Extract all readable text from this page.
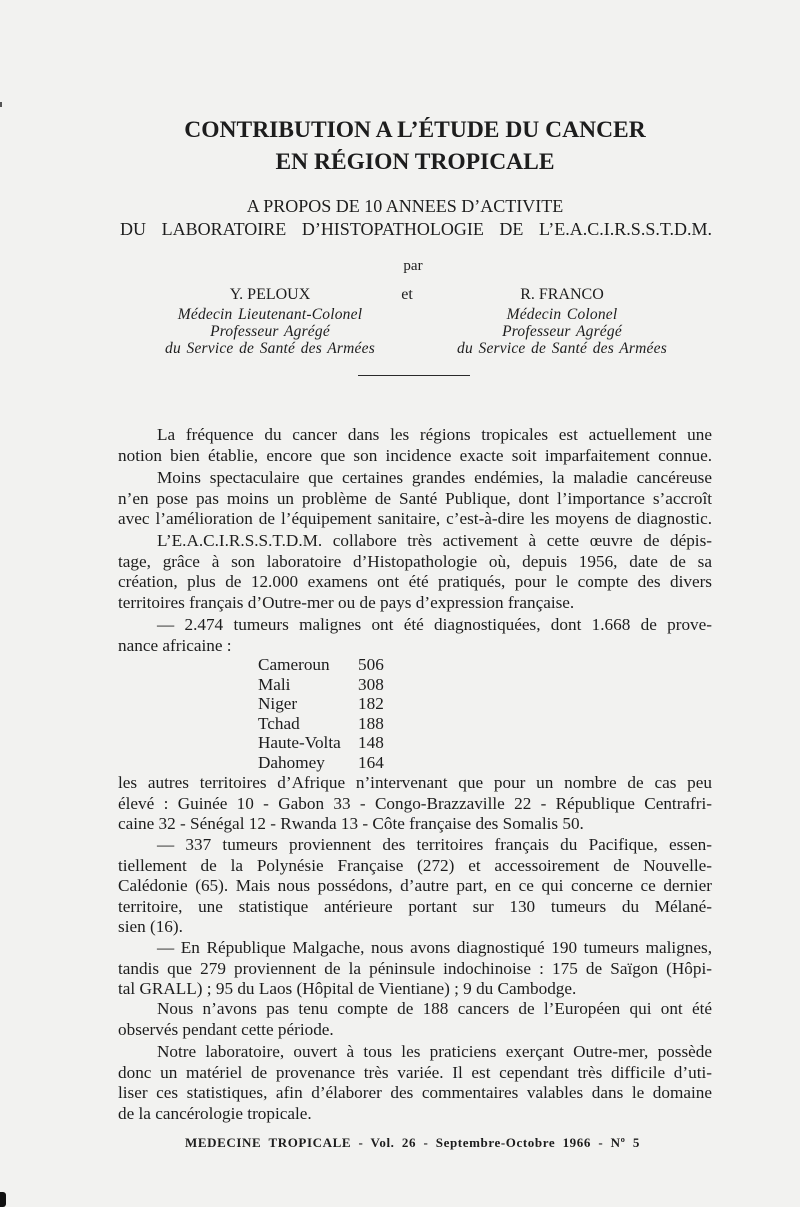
CONTRIBUTION A L’ÉTUDE DU CANCER
EN RÉGION TROPICALE
A PROPOS DE 10 ANNEES D’ACTIVITE
DU LABORATOIRE D’HISTOPATHOLOGIE DE L’E.A.C.I.R.S.S.T.D.M.
par
et
Y. PELOUX
Médecin Lieutenant-Colonel
Professeur Agrégé
du Service de Santé des Armées
R. FRANCO
Médecin Colonel
Professeur Agrégé
du Service de Santé des Armées
La fréquence du cancer dans les régions tropicales est actuellement une
notion bien établie, encore que son incidence exacte soit imparfaitement connue.
Moins spectaculaire que certaines grandes endémies, la maladie cancéreuse
n’en pose pas moins un problème de Santé Publique, dont l’importance s’accroît
avec l’amélioration de l’équipement sanitaire, c’est-à-dire les moyens de diagnostic.
L’E.A.C.I.R.S.S.T.D.M. collabore très activement à cette œuvre de dépis-
tage, grâce à son laboratoire d’Histopathologie où, depuis 1956, date de sa
création, plus de 12.000 examens ont été pratiqués, pour le compte des divers
territoires français d’Outre-mer ou de pays d’expression française.
— 2.474 tumeurs malignes ont été diagnostiquées, dont 1.668 de prove-
nance africaine :
Cameroun 506
Mali	308
Niger	182
Tchad	188
Haute-Volta 148
Dahomey 164
les autres territoires d’Afrique n’intervenant que pour un nombre de cas peu
élevé : Guinée 10 - Gabon 33 - Congo-Brazzaville 22 - République Centrafri-
caine 32 - Sénégal 12 - Rwanda 13 - Côte française des Somalis 50.
— 337 tumeurs proviennent des territoires français du Pacifique, essen-
tiellement de la Polynésie Française (272) et accessoirement de Nouvelle-
Calédonie (65). Mais nous possédons, d’autre part, en ce qui concerne ce dernier
territoire, une statistique antérieure portant sur 130 tumeurs du Mélané-
sien (16).
— En République Malgache, nous avons diagnostiqué 190 tumeurs malignes,
tandis que 279 proviennent de la péninsule indochinoise : 175 de Saïgon (Hôpi-
tal GRALL) ; 95 du Laos (Hôpital de Vientiane) ; 9 du Cambodge.
Nous n’avons pas tenu compte de 188 cancers de l’Européen qui ont été
observés pendant cette période.
Notre laboratoire, ouvert à tous les praticiens exerçant Outre-mer, possède
donc un matériel de provenance très variée. Il est cependant très difficile d’uti-
liser ces statistiques, afin d’élaborer des commentaires valables dans le domaine
de la cancérologie tropicale.
MEDECINE TROPICALE - Vol. 26 - Septembre-Octobre 1966 - Nº 5
